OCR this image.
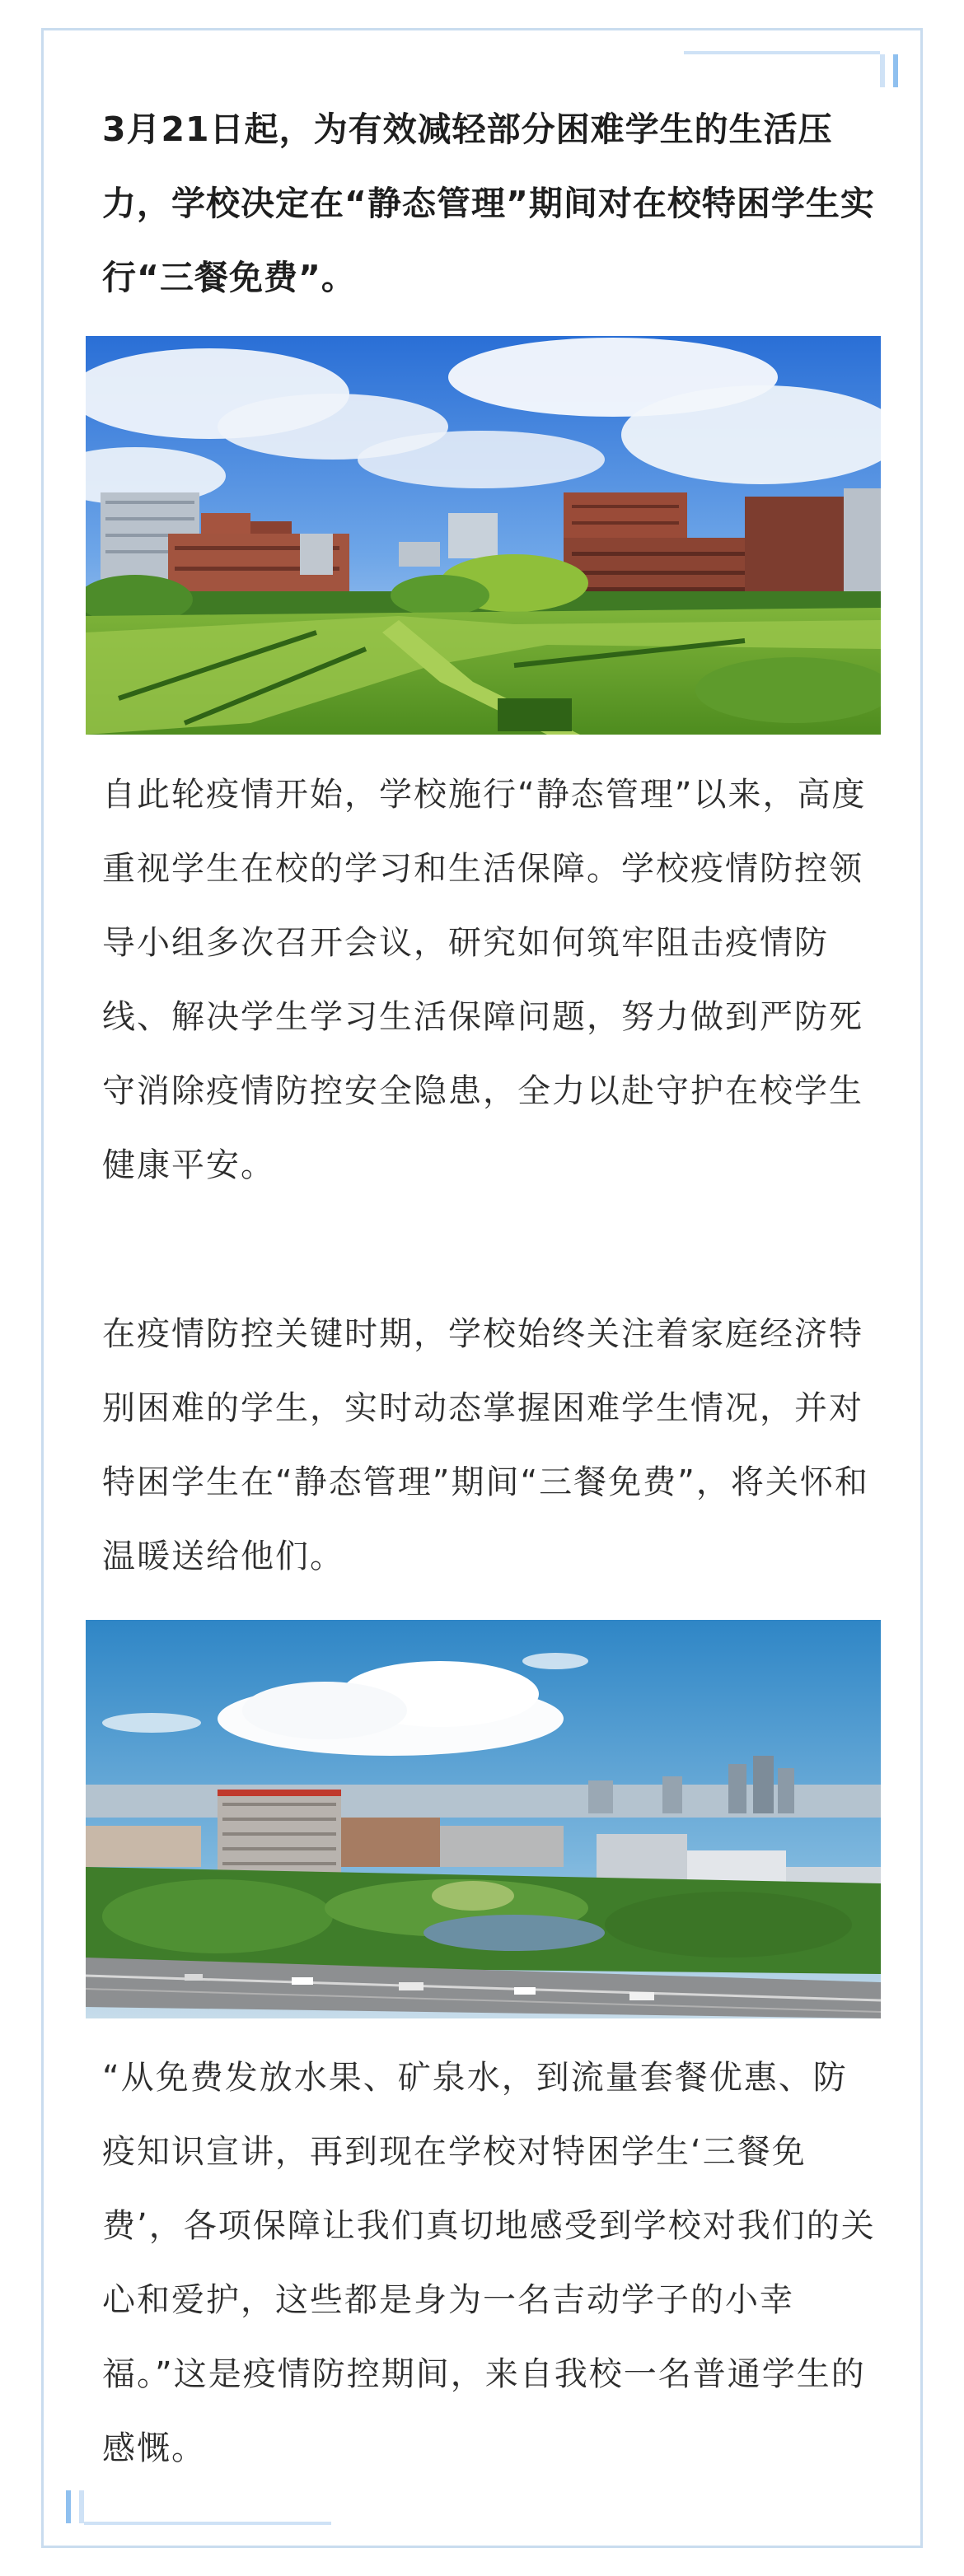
3月21日起，为有效减轻部分困难学生的生活压力，学校决定在“静态管理”期间对在校特困学生实行“三餐免费”。

自此轮疫情开始，学校施行“静态管理”以来，高度重视学生在校的学习和生活保障。学校疫情防控领导小组多次召开会议，研究如何筑牢阻击疫情防线、解决学生学习生活保障问题，努力做到严防死守消除疫情防控安全隐患，全力以赴守护在校学生健康平安。

在疫情防控关键时期，学校始终关注着家庭经济特别困难的学生，实时动态掌握困难学生情况，并对特困学生在“静态管理”期间“三餐免费”，将关怀和温暖送给他们。

“从免费发放水果、矿泉水，到流量套餐优惠、防疫知识宣讲，再到现在学校对特困学生‘三餐免费’，各项保障让我们真切地感受到学校对我们的关心和爱护，这些都是身为一名吉动学子的小幸福。”这是疫情防控期间，来自我校一名普通学生的感慨。
